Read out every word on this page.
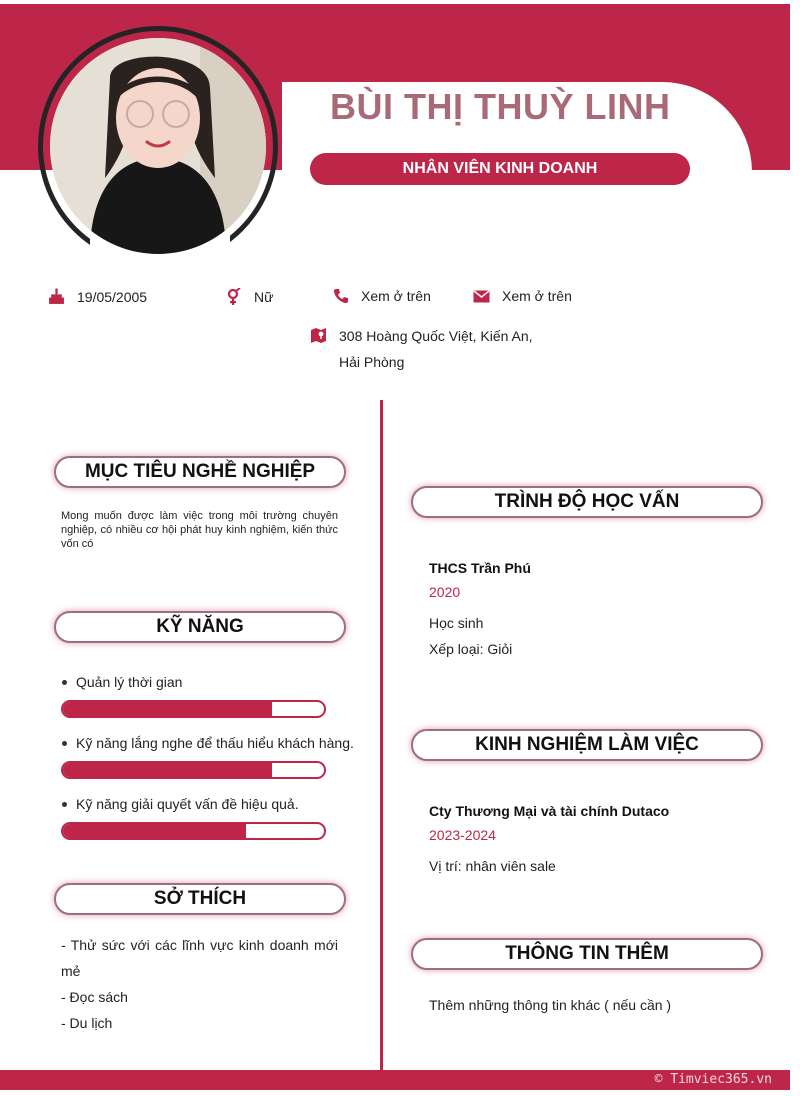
BÙI THỊ THUỲ LINH
NHÂN VIÊN KINH DOANH
19/05/2005	Nữ	Xem ở trên	Xem ở trên
308 Hoàng Quốc Việt, Kiến An,
Hải Phòng
MỤC TIÊU NGHỀ NGHIỆP

Mong muốn được làm việc trong môi trường chuyên nghiệp, có nhiều cơ hội phát huy kinh nghiệm, kiến thức vốn có

KỸ NĂNG
Quản lý thời gian
Kỹ năng lắng nghe để thấu hiểu khách hàng.
Kỹ năng giải quyết vấn đề hiệu quả.
SỞ THÍCH
- Thử sức với các lĩnh vực kinh doanh mới mẻ
- Đọc sách
- Du lịch
TRÌNH ĐỘ HỌC VẤN
THCS Trần Phú
2020
Học sinh
Xếp loại: Giỏi
KINH NGHIỆM LÀM VIỆC
Cty Thương Mại và tài chính Dutaco
2023-2024
Vị trí: nhân viên sale
THÔNG TIN THÊM
Thêm những thông tin khác ( nếu cần )
© Timviec365.vn
